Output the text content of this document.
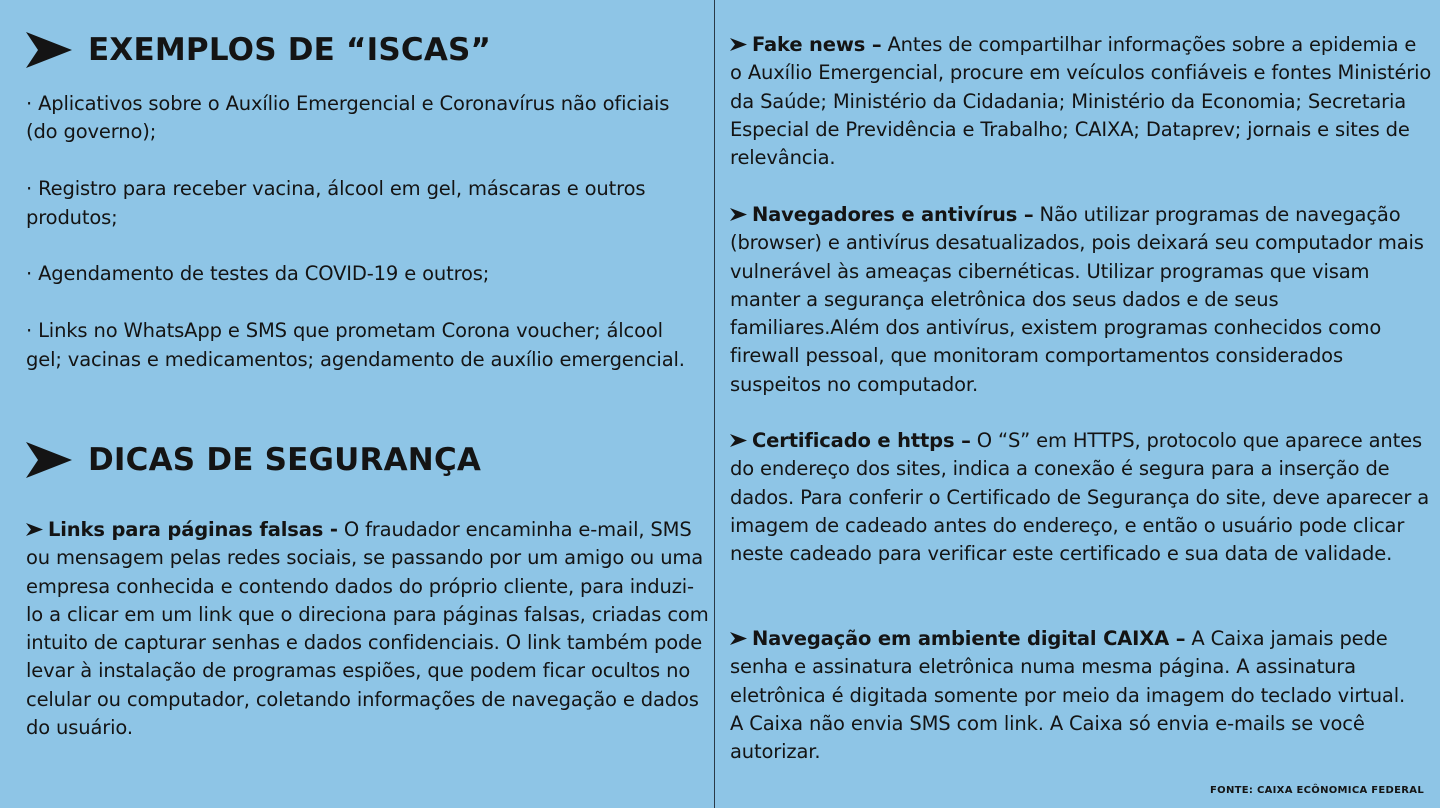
EXEMPLOS DE “ISCAS”
· Aplicativos sobre o Auxílio Emergencial e Coronavírus não oficiais (do governo);
· Registro para receber vacina, álcool em gel, máscaras e outros produtos;
· Agendamento de testes da COVID-19 e outros;
· Links no WhatsApp e SMS que prometam Corona voucher; álcool gel; vacinas e medicamentos; agendamento de auxílio emergencial.
DICAS DE SEGURANÇA

Links para páginas falsas - O fraudador encaminha e-mail, SMS ou mensagem pelas redes sociais, se passando por um amigo ou uma empresa conhecida e contendo dados do próprio cliente, para induzi-lo a clicar em um link que o direciona para páginas falsas, criadas com intuito de capturar senhas e dados confidenciais. O link também pode levar à instalação de programas espiões, que podem ficar ocultos no celular ou computador, coletando informações de navegação e dados do usuário.

Fake news – Antes de compartilhar informações sobre a epidemia e o Auxílio Emergencial, procure em veículos confiáveis e fontes Ministério da Saúde; Ministério da Cidadania; Ministério da Economia; Secretaria Especial de Previdência e Trabalho; CAIXA; Dataprev; jornais e sites de relevância.

Navegadores e antivírus – Não utilizar programas de navegação (browser) e antivírus desatualizados, pois deixará seu computador mais vulnerável às ameaças cibernéticas. Utilizar programas que visam manter a segurança eletrônica dos seus dados e de seus familiares.Além dos antivírus, existem programas conhecidos como firewall pessoal, que monitoram comportamentos considerados suspeitos no computador.

Certificado e https – O “S” em HTTPS, protocolo que aparece antes do endereço dos sites, indica a conexão é segura para a inserção de dados. Para conferir o Certificado de Segurança do site, deve aparecer a imagem de cadeado antes do endereço, e então o usuário pode clicar neste cadeado para verificar este certificado e sua data de validade.

Navegação em ambiente digital CAIXA – A Caixa jamais pede senha e assinatura eletrônica numa mesma página. A assinatura eletrônica é digitada somente por meio da imagem do teclado virtual. A Caixa não envia SMS com link. A Caixa só envia e-mails se você autorizar.

FONTE: CAIXA ECÔNOMICA FEDERAL
